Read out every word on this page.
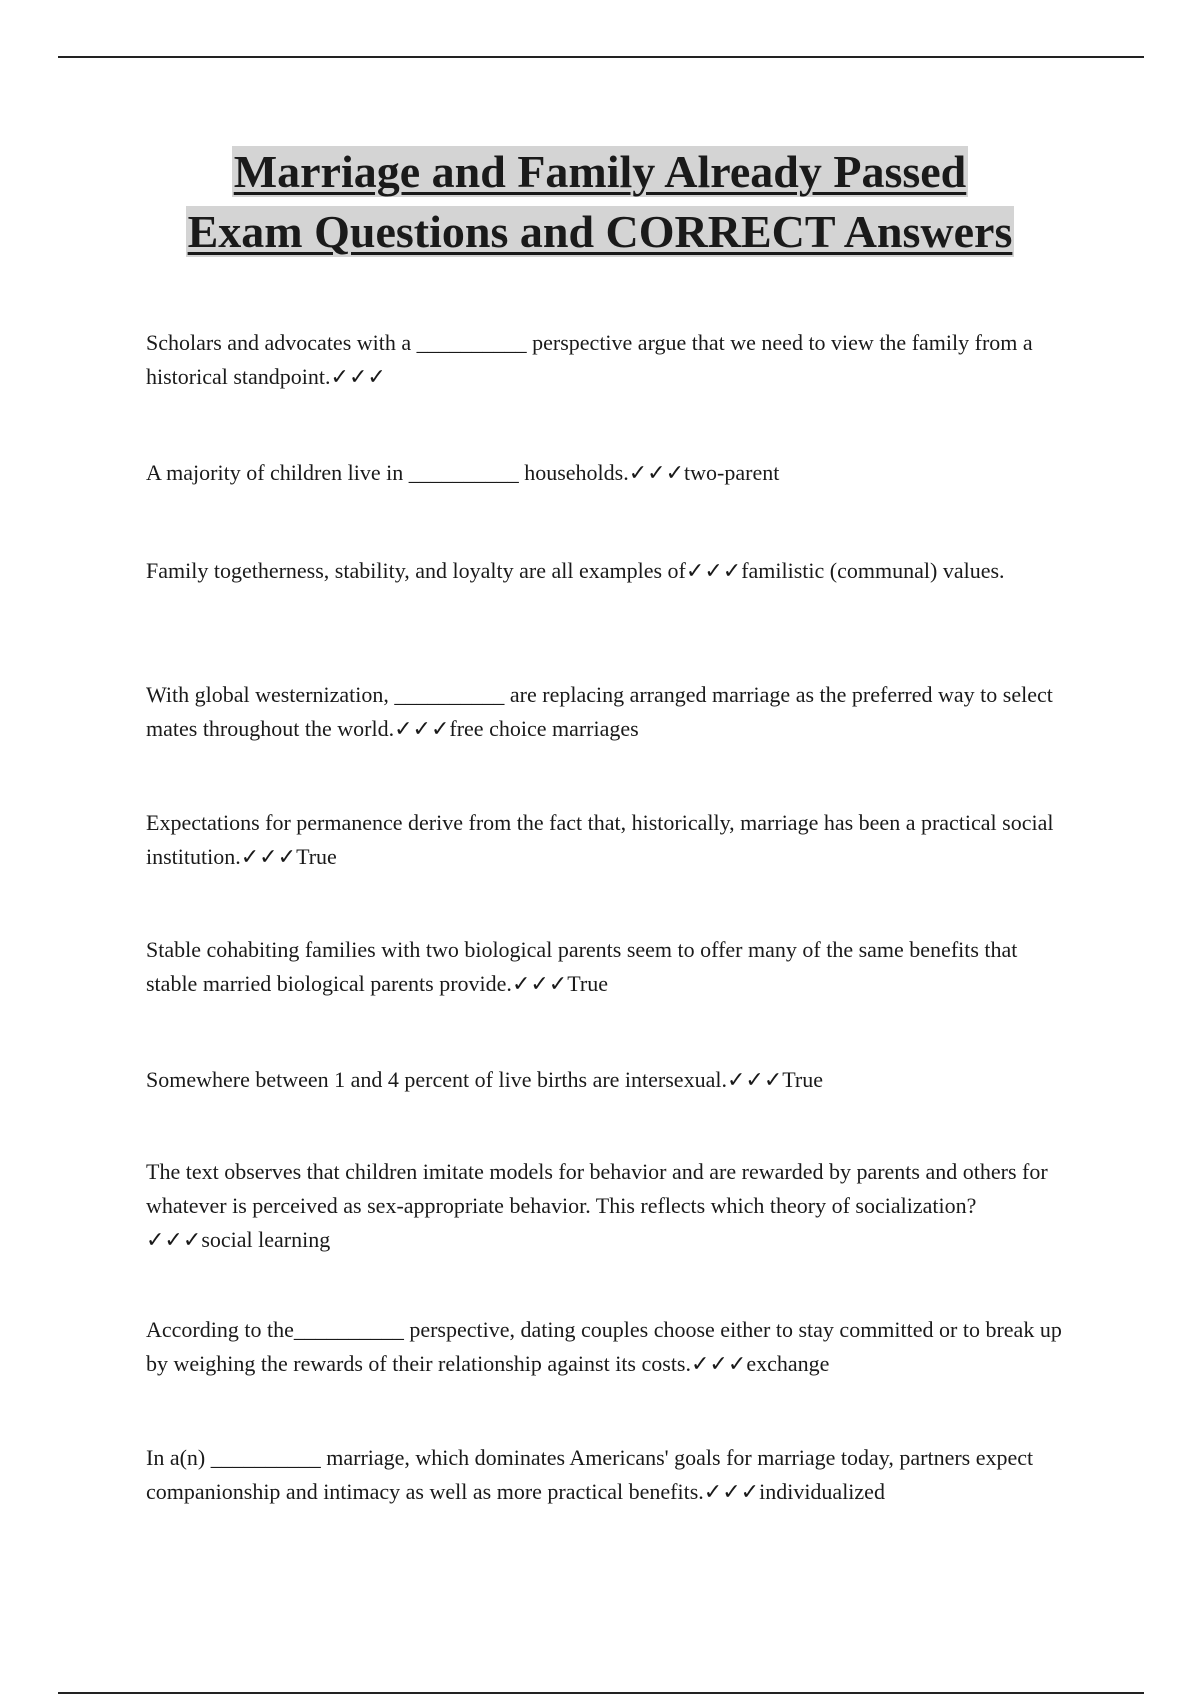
Marriage and Family Already Passed
Exam Questions and CORRECT Answers

Scholars and advocates with a __________ perspective argue that we need to view the family from a historical standpoint.✓✓✓

A majority of children live in __________ households.✓✓✓two-parent

Family togetherness, stability, and loyalty are all examples of✓✓✓familistic (communal) values.

With global westernization, __________ are replacing arranged marriage as the preferred way to select mates throughout the world.✓✓✓free choice marriages

Expectations for permanence derive from the fact that, historically, marriage has been a practical social institution.✓✓✓True

Stable cohabiting families with two biological parents seem to offer many of the same benefits that stable married biological parents provide.✓✓✓True

Somewhere between 1 and 4 percent of live births are intersexual.✓✓✓True

The text observes that children imitate models for behavior and are rewarded by parents and others for whatever is perceived as sex-appropriate behavior. This reflects which theory of socialization?✓✓✓social learning

According to the__________ perspective, dating couples choose either to stay committed or to break up by weighing the rewards of their relationship against its costs.✓✓✓exchange

In a(n) __________ marriage, which dominates Americans' goals for marriage today, partners expect companionship and intimacy as well as more practical benefits.✓✓✓individualized
